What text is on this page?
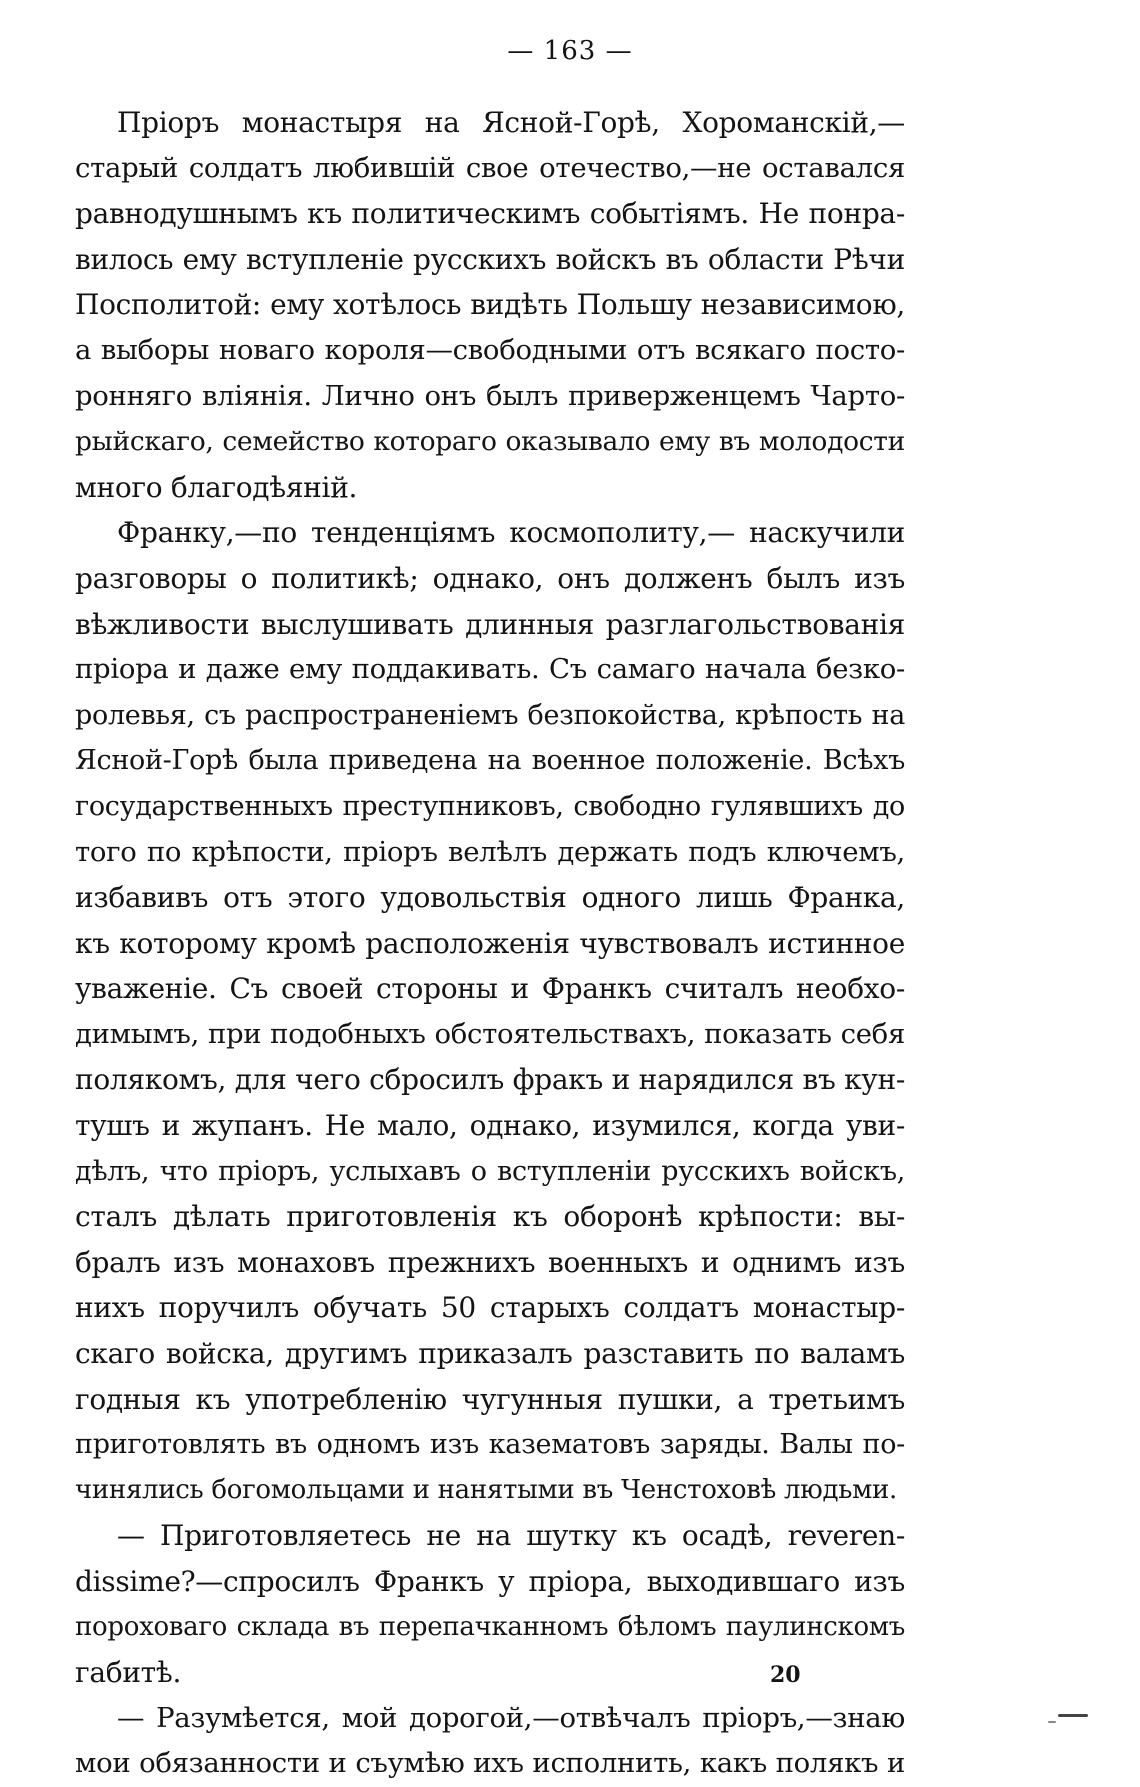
— 163 —
Пріоръ монастыря на Ясной-Горѣ, Хороманскій,—
старый солдатъ любившій свое отечество,—не оставался
равнодушнымъ къ политическимъ событіямъ. Не понра-
вилось ему вступленіе русскихъ войскъ въ области Рѣчи
Посполитой: ему хотѣлось видѣть Польшу независимою,
а выборы новаго короля—свободными отъ всякаго посто-
ронняго вліянія. Лично онъ былъ приверженцемъ Чарто-
рыйскаго, семейство котораго оказывало ему въ молодости
много благодѣяній.
Франку,—по тенденціямъ космополиту,— наскучили
разговоры о политикѣ; однако, онъ долженъ былъ изъ
вѣжливости выслушивать длинныя разглагольствованія
пріора и даже ему поддакивать. Съ самаго начала безко-
ролевья, съ распространеніемъ безпокойства, крѣпость на
Ясной-Горѣ была приведена на военное положеніе. Всѣхъ
государственныхъ преступниковъ, свободно гулявшихъ до
того по крѣпости, пріоръ велѣлъ держать подъ ключемъ,
избавивъ отъ этого удовольствія одного лишь Франка,
къ которому кромѣ расположенія чувствовалъ истинное
уваженіе. Съ своей стороны и Франкъ считалъ необхо-
димымъ, при подобныхъ обстоятельствахъ, показать себя
полякомъ, для чего сбросилъ фракъ и нарядился въ кун-
тушъ и жупанъ. Не мало, однако, изумился, когда уви-
дѣлъ, что пріоръ, услыхавъ о вступленіи русскихъ войскъ,
сталъ дѣлать приготовленія къ оборонѣ крѣпости: вы-
бралъ изъ монаховъ прежнихъ военныхъ и однимъ изъ
нихъ поручилъ обучать 50 старыхъ солдатъ монастыр-
скаго войска, другимъ приказалъ разставить по валамъ
годныя къ употребленію чугунныя пушки, а третьимъ
приготовлять въ одномъ изъ казематовъ заряды. Валы по-
чинялись богомольцами и нанятыми въ Ченстоховѣ людьми.
— Приготовляетесь не на шутку къ осадѣ, reveren-
dissime?—спросилъ Франкъ у пріора, выходившаго изъ
пороховаго склада въ перепачканномъ бѣломъ паулинскомъ
габитѣ.
— Разумѣется, мой дорогой,—отвѣчалъ пріоръ,—знаю
мои обязанности и съумѣю ихъ исполнить, какъ полякъ и
20
